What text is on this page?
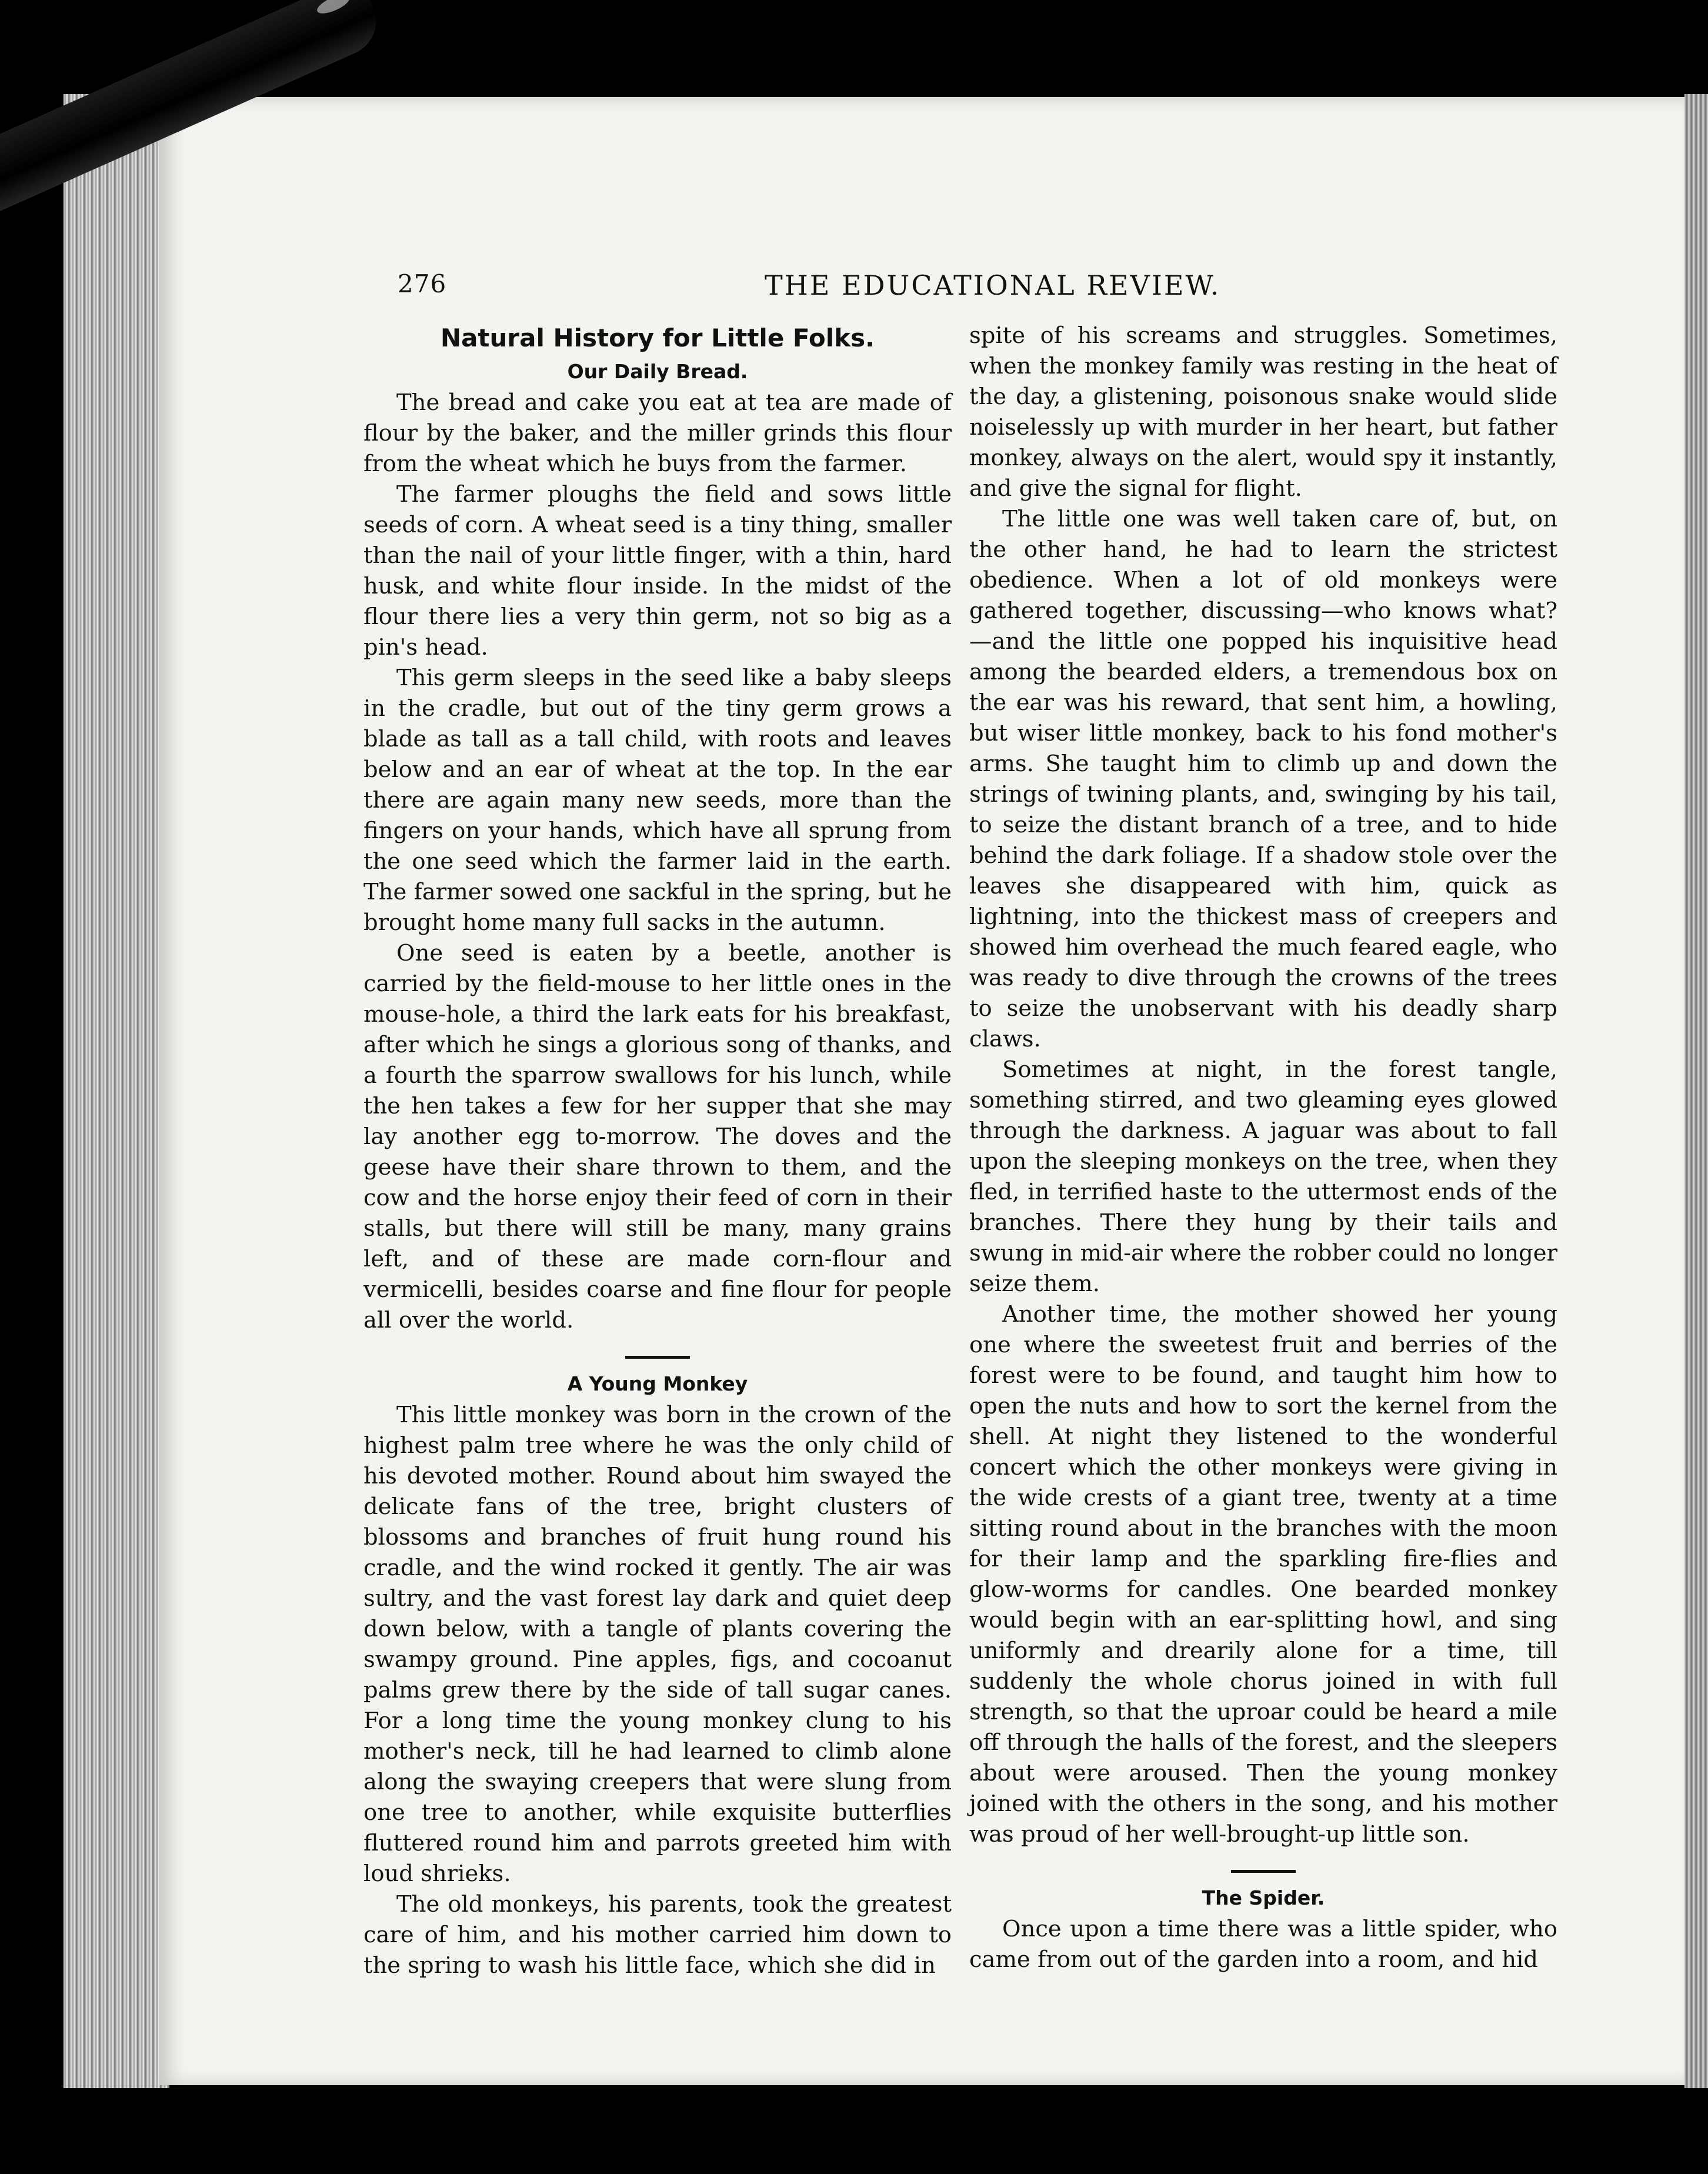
276	THE EDUCATIONAL REVIEW.
Natural History for Little Folks.
Our Daily Bread.

The bread and cake you eat at tea are made of flour by the baker, and the miller grinds this flour from the wheat which he buys from the farmer.

The farmer ploughs the field and sows little seeds of corn. A wheat seed is a tiny thing, smaller than the nail of your little finger, with a thin, hard husk, and white flour inside. In the midst of the flour there lies a very thin germ, not so big as a pin's head.

This germ sleeps in the seed like a baby sleeps in the cradle, but out of the tiny germ grows a blade as tall as a tall child, with roots and leaves below and an ear of wheat at the top. In the ear there are again many new seeds, more than the fingers on your hands, which have all sprung from the one seed which the farmer laid in the earth. The farmer sowed one sackful in the spring, but he brought home many full sacks in the autumn.

One seed is eaten by a beetle, another is carried by the field-mouse to her little ones in the mouse-hole, a third the lark eats for his breakfast, after which he sings a glorious song of thanks, and a fourth the sparrow swallows for his lunch, while the hen takes a few for her supper that she may lay another egg to-morrow. The doves and the geese have their share thrown to them, and the cow and the horse enjoy their feed of corn in their stalls, but there will still be many, many grains left, and of these are made corn-flour and vermicelli, besides coarse and fine flour for people all over the world.

A Young Monkey

This little monkey was born in the crown of the highest palm tree where he was the only child of his devoted mother. Round about him swayed the delicate fans of the tree, bright clusters of blossoms and branches of fruit hung round his cradle, and the wind rocked it gently. The air was sultry, and the vast forest lay dark and quiet deep down below, with a tangle of plants covering the swampy ground. Pine apples, figs, and cocoanut palms grew there by the side of tall sugar canes. For a long time the young monkey clung to his mother's neck, till he had learned to climb alone along the swaying creepers that were slung from one tree to another, while exquisite butterflies fluttered round him and parrots greeted him with loud shrieks.

The old monkeys, his parents, took the greatest care of him, and his mother carried him down to the spring to wash his little face, which she did in

spite of his screams and struggles. Sometimes, when the monkey family was resting in the heat of the day, a glistening, poisonous snake would slide noiselessly up with murder in her heart, but father monkey, always on the alert, would spy it instantly, and give the signal for flight.

The little one was well taken care of, but, on the other hand, he had to learn the strictest obedience. When a lot of old monkeys were gathered together, discussing—who knows what?—and the little one popped his inquisitive head among the bearded elders, a tremendous box on the ear was his reward, that sent him, a howling, but wiser little monkey, back to his fond mother's arms. She taught him to climb up and down the strings of twining plants, and, swinging by his tail, to seize the distant branch of a tree, and to hide behind the dark foliage. If a shadow stole over the leaves she disappeared with him, quick as lightning, into the thickest mass of creepers and showed him overhead the much feared eagle, who was ready to dive through the crowns of the trees to seize the unobservant with his deadly sharp claws.

Sometimes at night, in the forest tangle, something stirred, and two gleaming eyes glowed through the darkness. A jaguar was about to fall upon the sleeping monkeys on the tree, when they fled, in terrified haste to the uttermost ends of the branches. There they hung by their tails and swung in mid-air where the robber could no longer seize them.

Another time, the mother showed her young one where the sweetest fruit and berries of the forest were to be found, and taught him how to open the nuts and how to sort the kernel from the shell. At night they listened to the wonderful concert which the other monkeys were giving in the wide crests of a giant tree, twenty at a time sitting round about in the branches with the moon for their lamp and the sparkling fire-flies and glow-worms for candles. One bearded monkey would begin with an ear-splitting howl, and sing uniformly and drearily alone for a time, till suddenly the whole chorus joined in with full strength, so that the uproar could be heard a mile off through the halls of the forest, and the sleepers about were aroused. Then the young monkey joined with the others in the song, and his mother was proud of her well-brought-up little son.

The Spider.

Once upon a time there was a little spider, who came from out of the garden into a room, and hid
